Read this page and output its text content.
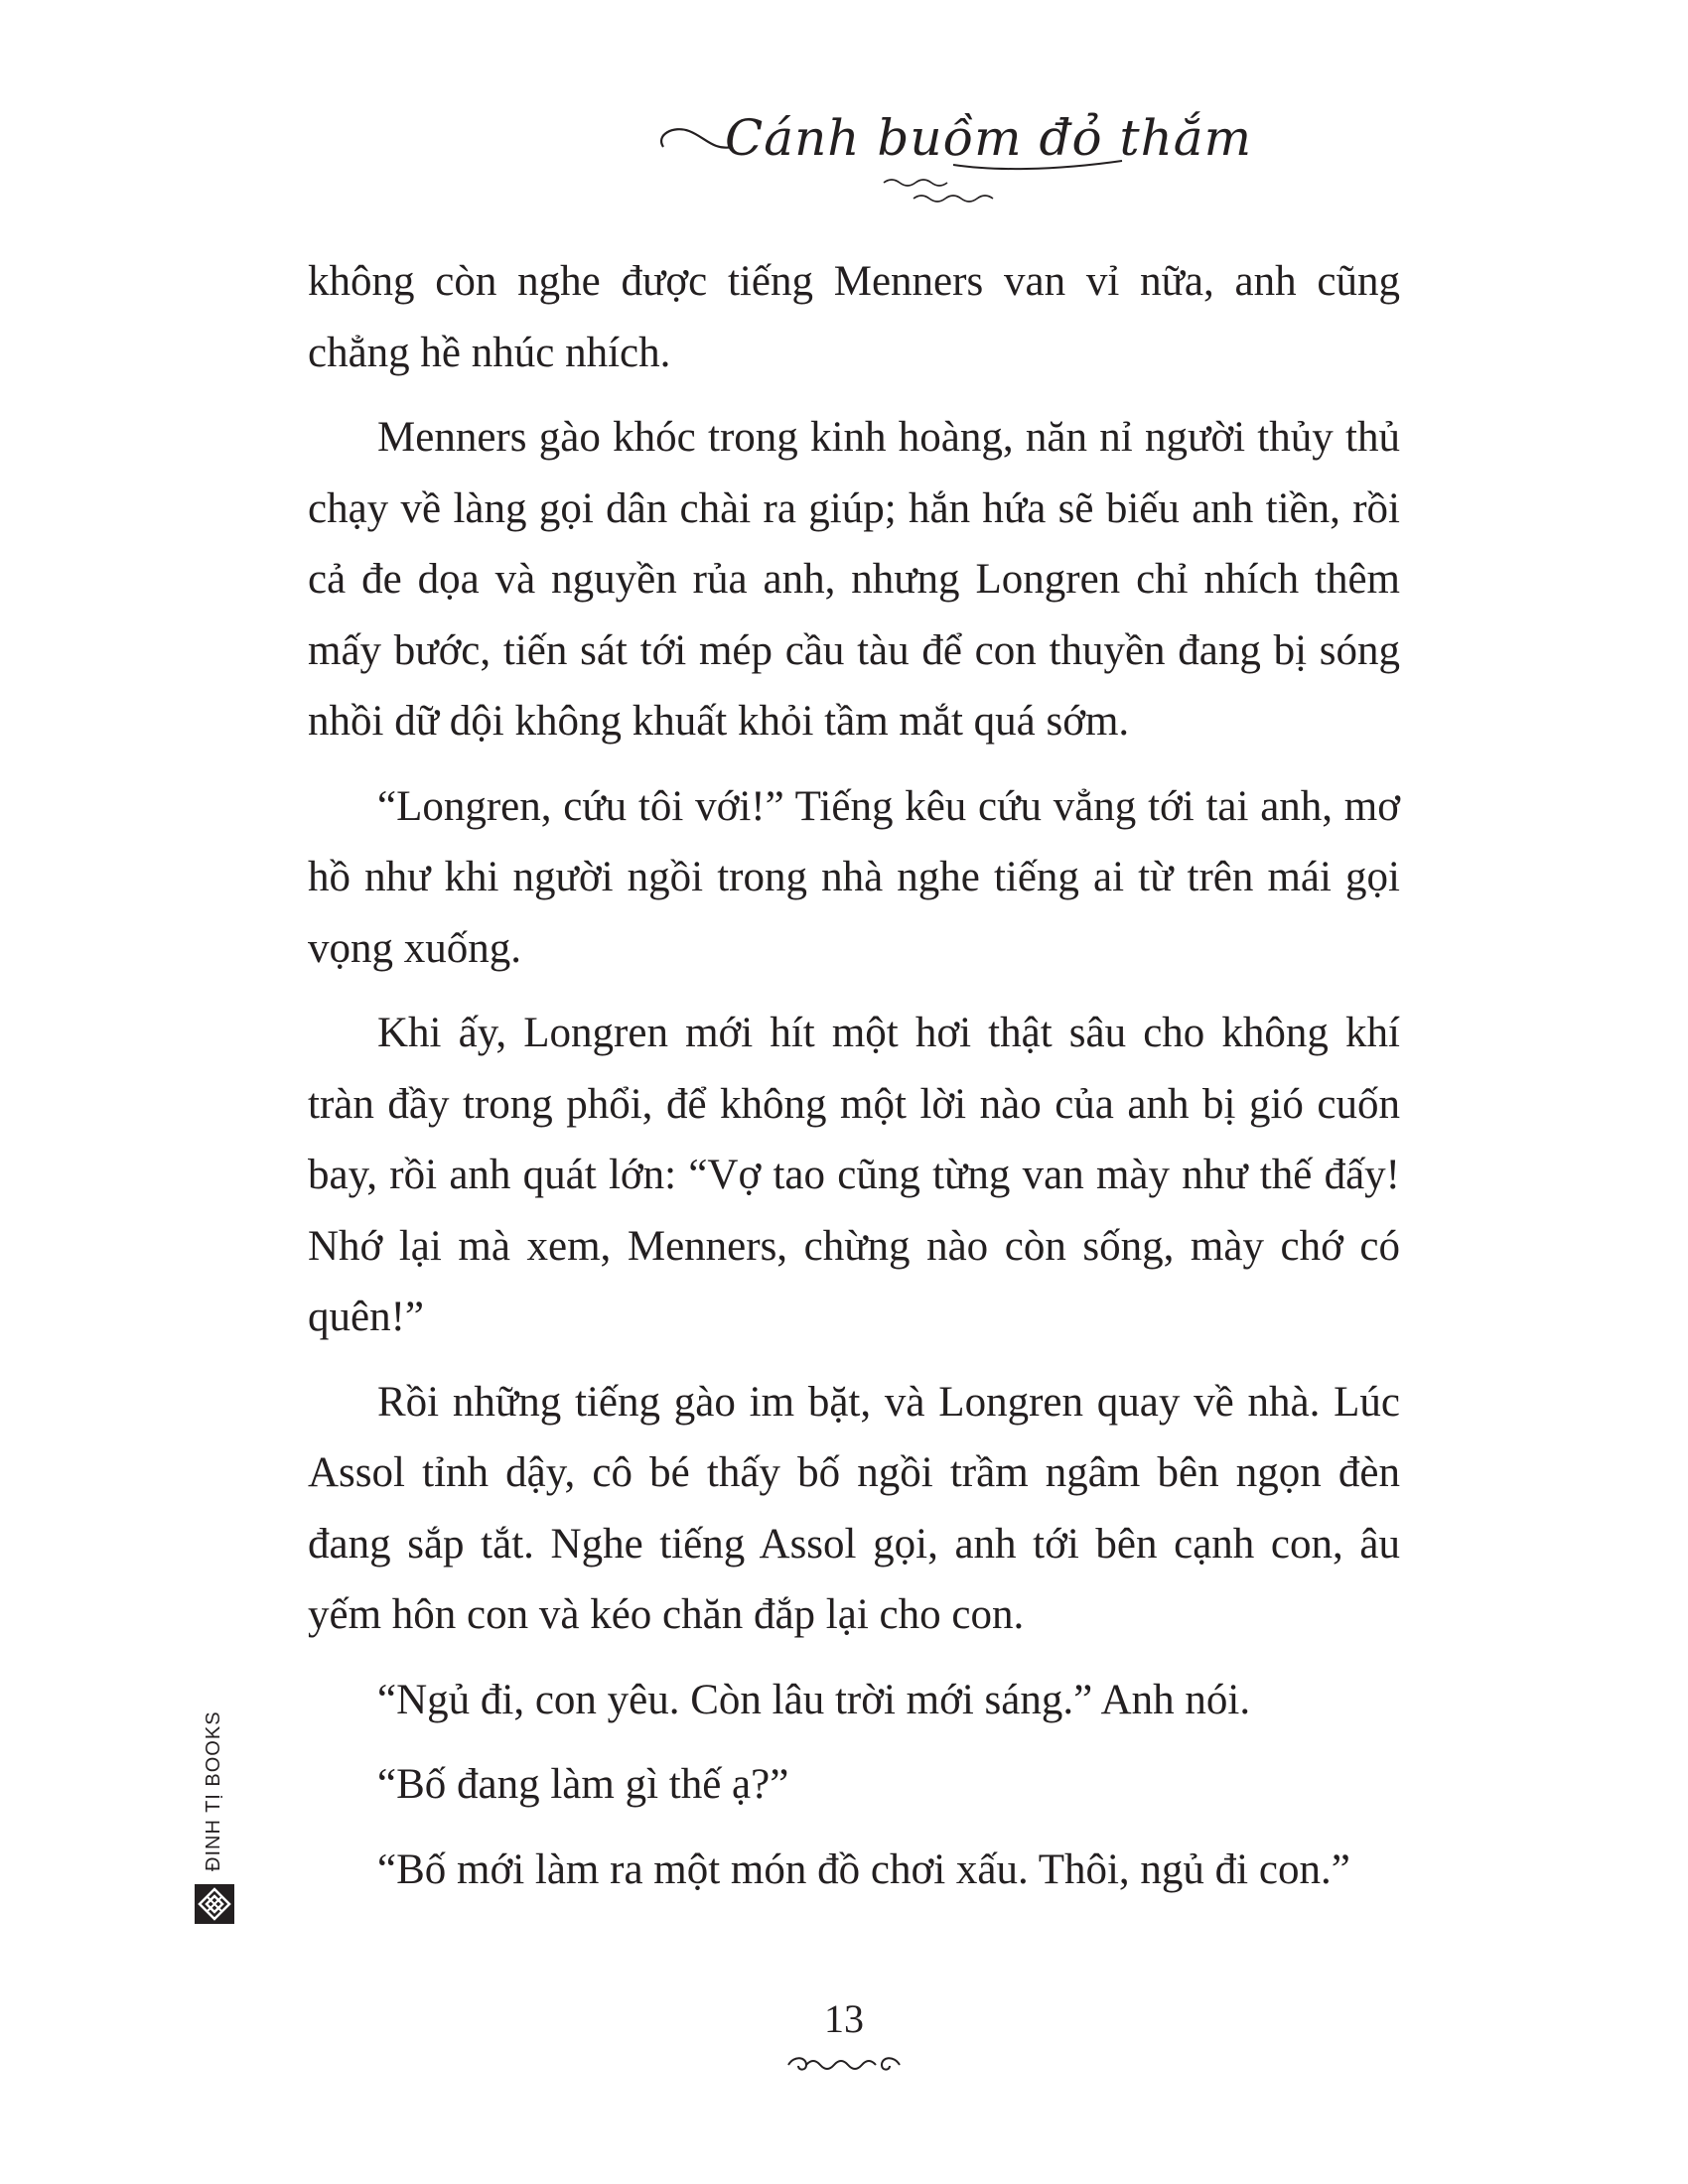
Cánh buồm đỏ thắm

không còn nghe được tiếng Menners van vỉ nữa, anh cũng chẳng hề nhúc nhích.

Menners gào khóc trong kinh hoàng, năn nỉ người thủy thủ chạy về làng gọi dân chài ra giúp; hắn hứa sẽ biếu anh tiền, rồi cả đe dọa và nguyền rủa anh, nhưng Longren chỉ nhích thêm mấy bước, tiến sát tới mép cầu tàu để con thuyền đang bị sóng nhồi dữ dội không khuất khỏi tầm mắt quá sớm.

“Longren, cứu tôi với!” Tiếng kêu cứu vẳng tới tai anh, mơ hồ như khi người ngồi trong nhà nghe tiếng ai từ trên mái gọi vọng xuống.

Khi ấy, Longren mới hít một hơi thật sâu cho không khí tràn đầy trong phổi, để không một lời nào của anh bị gió cuốn bay, rồi anh quát lớn: “Vợ tao cũng từng van mày như thế đấy! Nhớ lại mà xem, Menners, chừng nào còn sống, mày chớ có quên!”

Rồi những tiếng gào im bặt, và Longren quay về nhà. Lúc Assol tỉnh dậy, cô bé thấy bố ngồi trầm ngâm bên ngọn đèn đang sắp tắt. Nghe tiếng Assol gọi, anh tới bên cạnh con, âu yếm hôn con và kéo chăn đắp lại cho con.

“Ngủ đi, con yêu. Còn lâu trời mới sáng.” Anh nói.

“Bố đang làm gì thế ạ?”

“Bố mới làm ra một món đồ chơi xấu. Thôi, ngủ đi con.”

ĐINH TỊ BOOKS
13
